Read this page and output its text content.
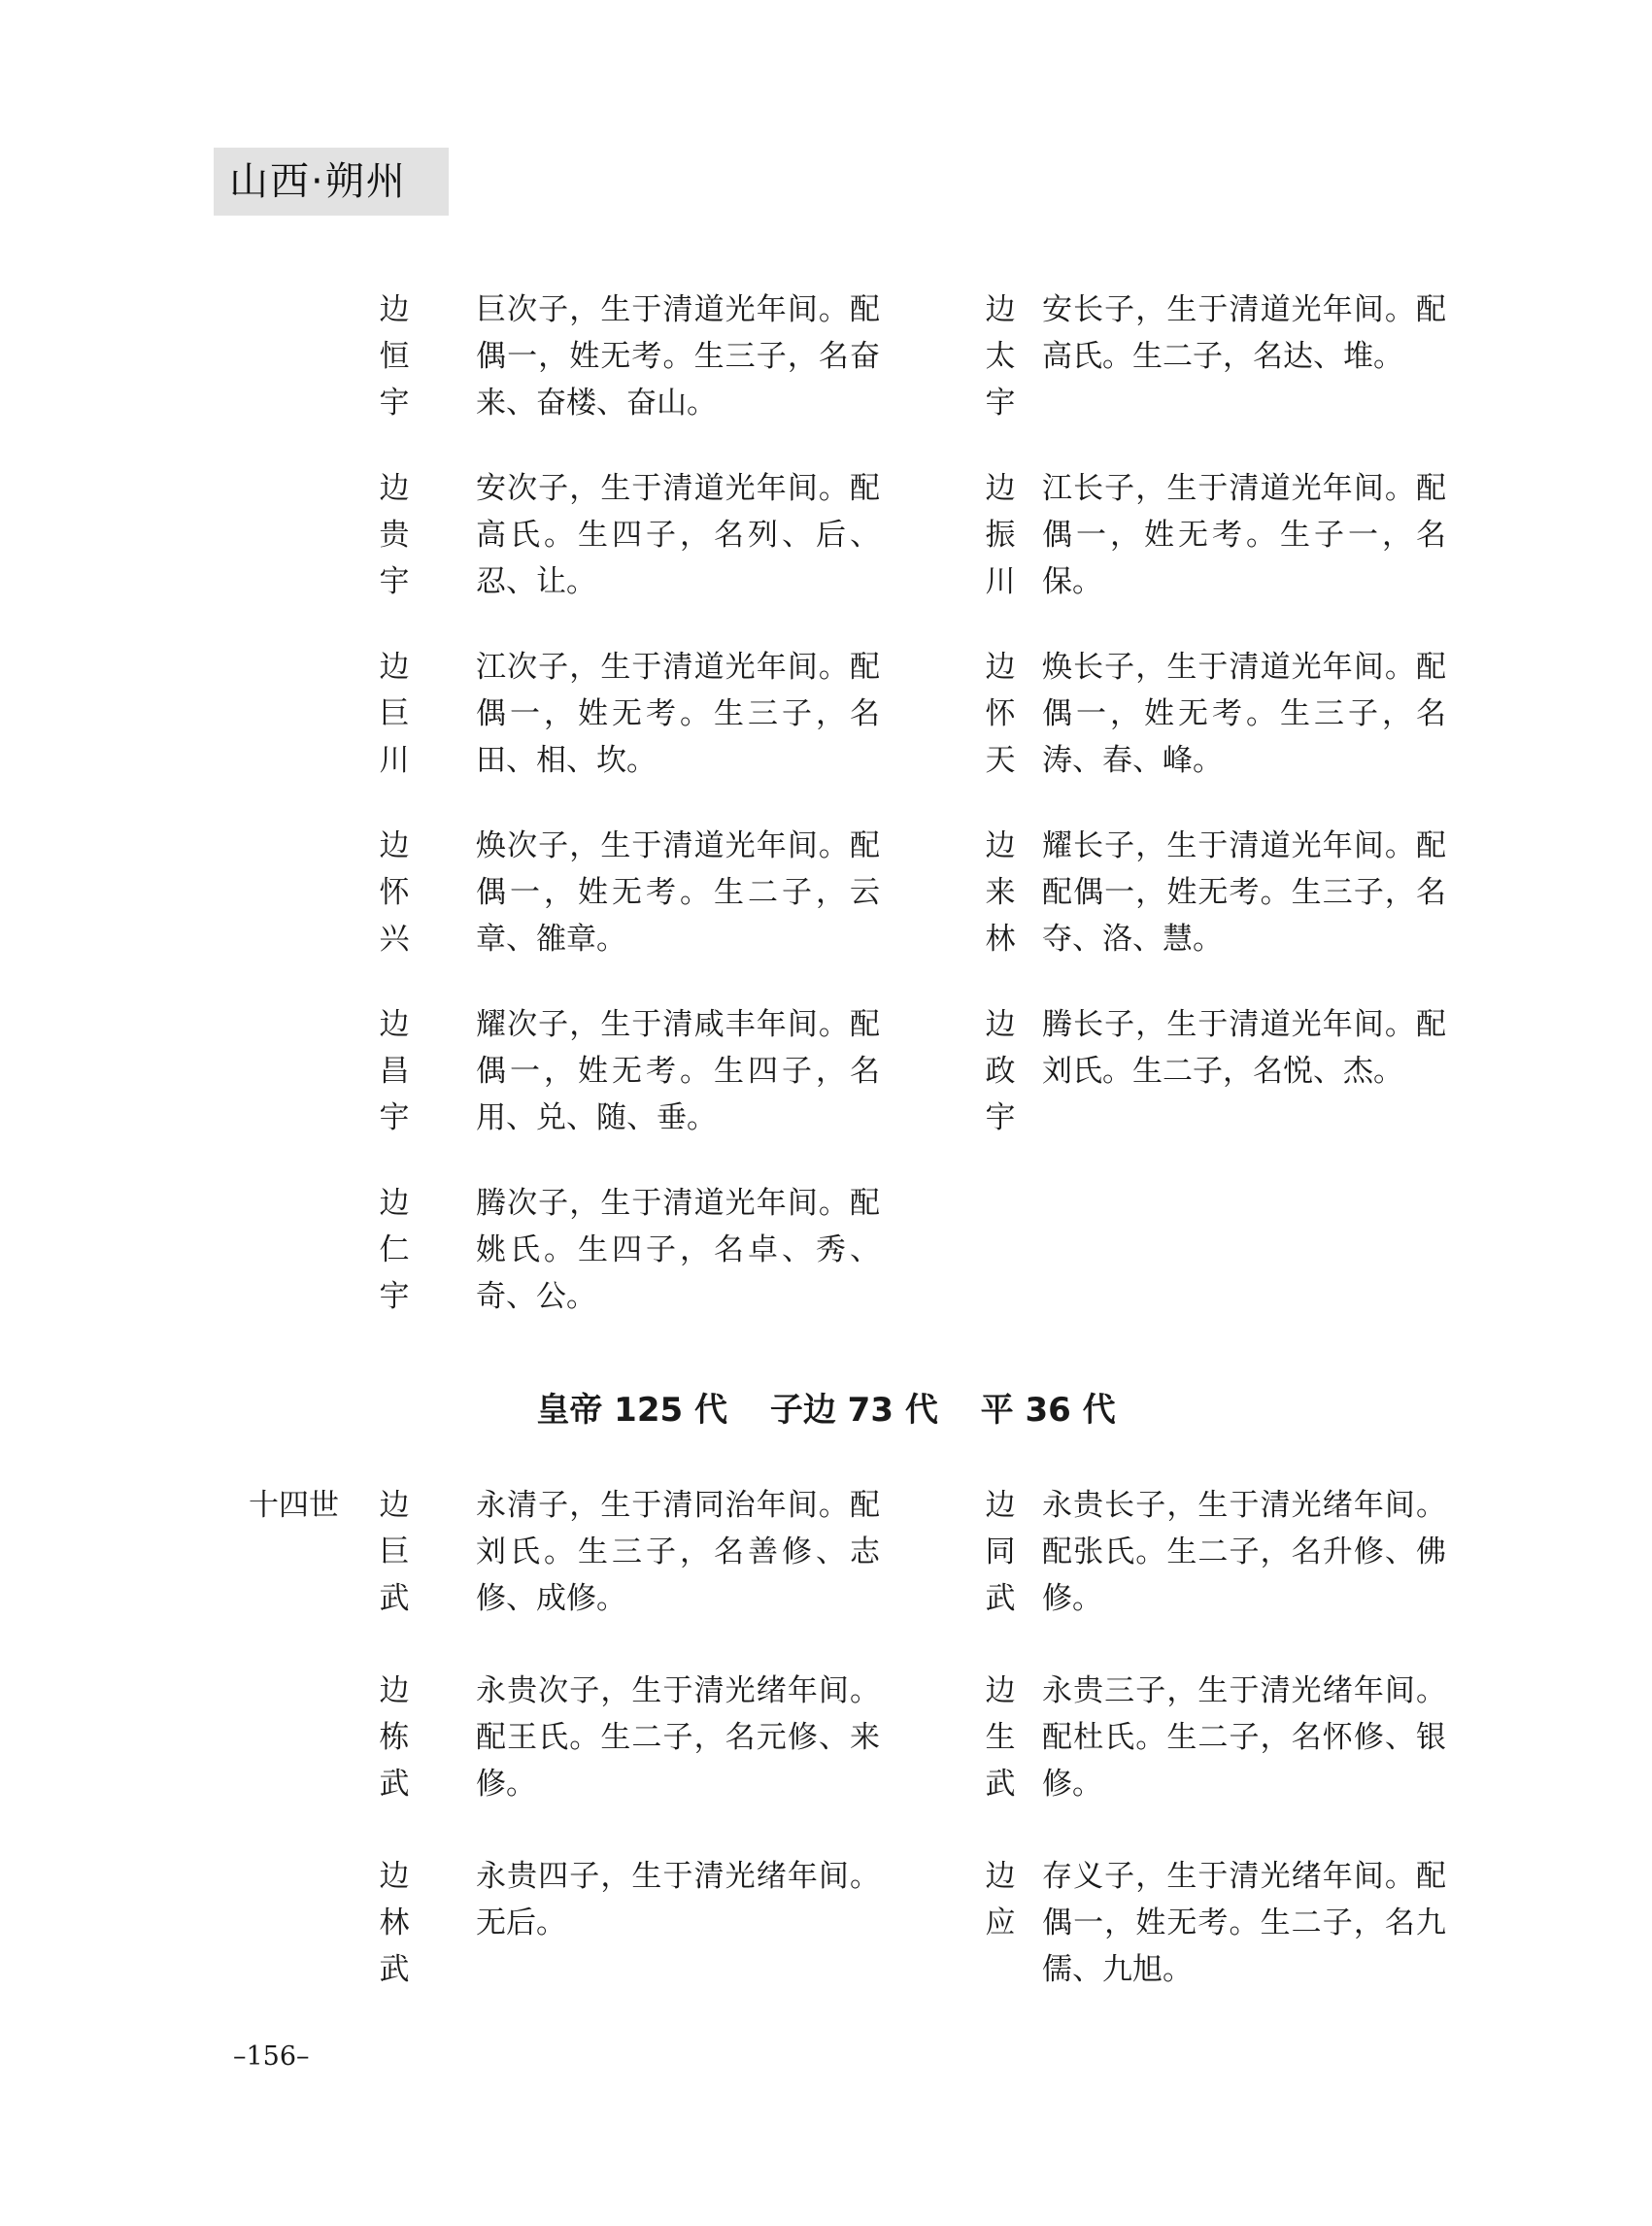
山西·朔州
边
恒
宇
巨次子，生于清道光年间。配偶一，姓无考。生三子，名奋来、奋楼、奋山。
边
太
宇
安长子，生于清道光年间。配高氏。生二子，名达、堆。
边
贵
宇
安次子，生于清道光年间。配高氏。生四子，名列、后、忍、让。
边
振
川
江长子，生于清道光年间。配偶一，姓无考。生子一，名保。
边
巨
川
江次子，生于清道光年间。配偶一，姓无考。生三子，名田、相、坎。
边
怀
天
焕长子，生于清道光年间。配偶一，姓无考。生三子，名涛、春、峰。
边
怀
兴
焕次子，生于清道光年间。配偶一，姓无考。生二子，云章、雒章。
边
来
林
耀长子，生于清道光年间。配配偶一，姓无考。生三子，名夺、洛、慧。
边
昌
宇
耀次子，生于清咸丰年间。配偶一，姓无考。生四子，名用、兑、随、垂。
边
政
宇
腾长子，生于清道光年间。配刘氏。生二子，名悦、杰。
边
仁
宇
腾次子，生于清道光年间。配姚氏。生四子，名卓、秀、奇、公。
皇帝 125 代 子边 73 代 平 36 代
十四世 边
巨
武
永清子，生于清同治年间。配刘氏。生三子，名善修、志修、成修。
边
同
武
永贵长子，生于清光绪年间。配张氏。生二子，名升修、佛修。
边
栋
武
永贵次子，生于清光绪年间。配王氏。生二子，名元修、来修。
边
生
武
永贵三子，生于清光绪年间。配杜氏。生二子，名怀修、银修。
边
林
武
永贵四子，生于清光绪年间。无后。
边
应
存义子，生于清光绪年间。配偶一，姓无考。生二子，名九儒、九旭。
–156–
